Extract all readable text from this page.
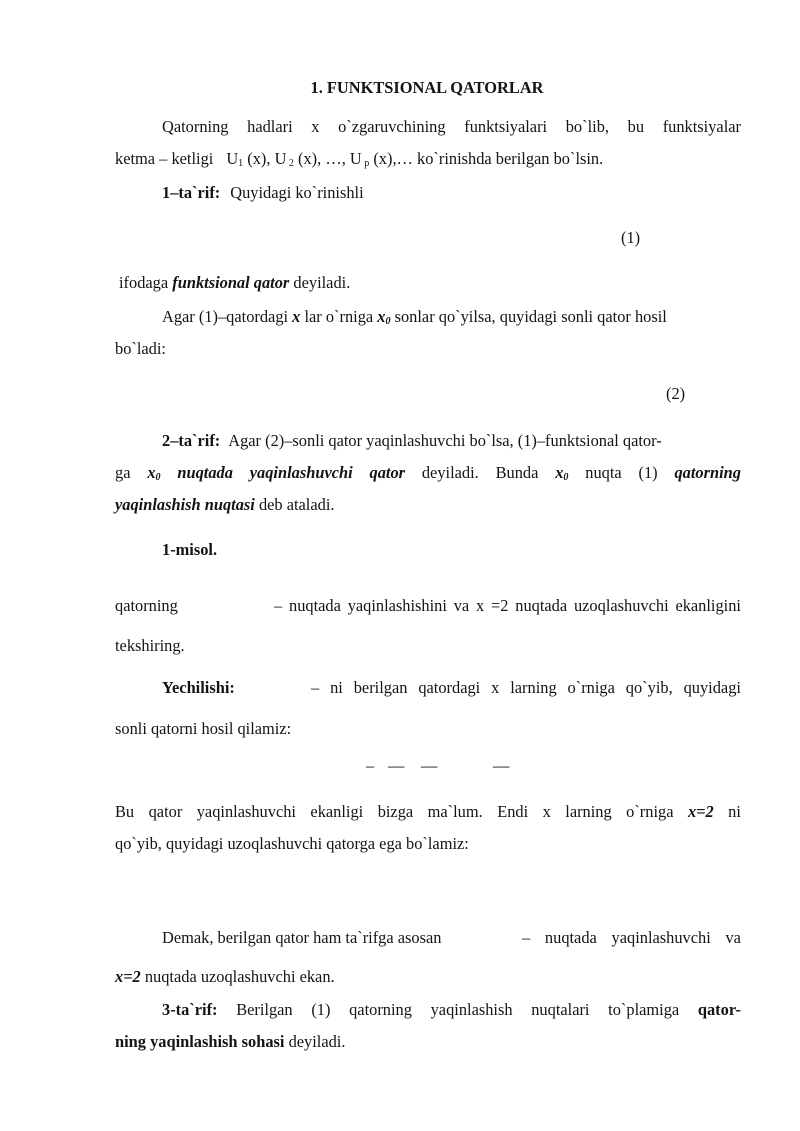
1. FUNKTSIONAL QATORLAR
Qatorning hadlari x o`zgaruvchining funktsiyalari bo`lib, bu funktsiyalar
ketma – ketligi $U_1$ (x), U $_2$ (x), …, U $_p$ (x),… ko`rinishda berilgan bo`lsin.
1–ta`rif: Quyidagi ko`rinishli
(1)
ifodaga funktsional qator deyiladi.
Agar (1)–qatordagi x lar o`rniga $x_0$ sonlar qo`yilsa, quyidagi sonli qator hosil
bo`ladi:
(2)
2–ta`rif: Agar (2)–sonli qator yaqinlashuvchi bo`lsa, (1)–funktsional qator-
ga $x_0$ nuqtada yaqinlashuvchi qator deyiladi. Bunda $x_0$ nuqta (1) qatorning
yaqinlashish nuqtasi deb ataladi.
1-misol.
qatorning	– nuqtada yaqinlashishini va x =2 nuqtada uzoqlashuvchi ekanligini
tekshiring.
Yechilishi:	– ni berilgan qatordagi x larning o`rniga qo`yib, quyidagi
sonli qatorni hosil qilamiz:
– — —	—
Bu qator yaqinlashuvchi ekanligi bizga ma`lum. Endi x larning o`rniga x=2 ni
qo`yib, quyidagi uzoqlashuvchi qatorga ega bo`lamiz:
Demak, berilgan qator ham ta`rifga asosan	– nuqtada yaqinlashuvchi va
x=2 nuqtada uzoqlashuvchi ekan.
3-ta`rif: Berilgan (1) qatorning yaqinlashish nuqtalari to`plamiga qator-
ning yaqinlashish sohasi deyiladi.
